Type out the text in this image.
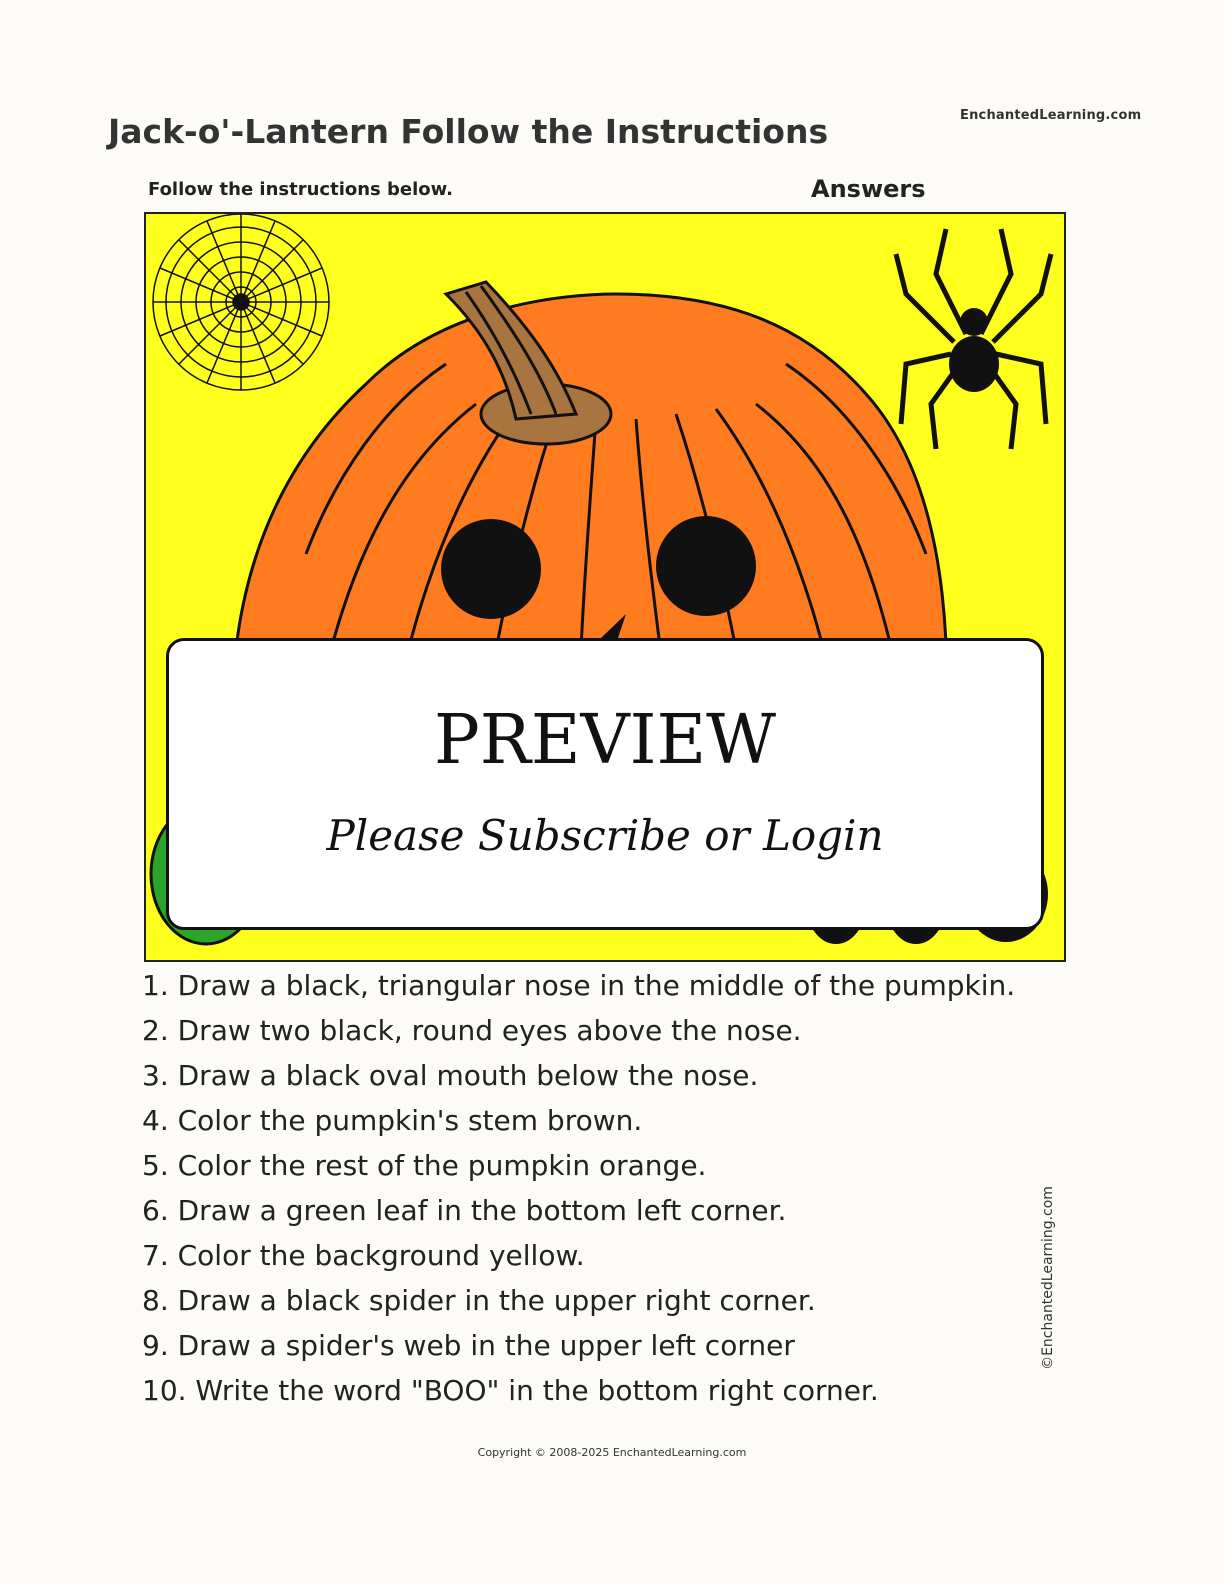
EnchantedLearning.com
Jack-o'-Lantern Follow the Instructions
Follow the instructions below.	Answers
PREVIEW
Please Subscribe or Login
1. Draw a black, triangular nose in the middle of the pumpkin.
2. Draw two black, round eyes above the nose.
3. Draw a black oval mouth below the nose.
4. Color the pumpkin's stem brown.
5. Color the rest of the pumpkin orange.
6. Draw a green leaf in the bottom left corner.
7. Color the background yellow.
8. Draw a black spider in the upper right corner.
9. Draw a spider's web in the upper left corner
10. Write the word "BOO" in the bottom right corner.
©EnchantedLearning.com
Copyright © 2008-2025 EnchantedLearning.com
